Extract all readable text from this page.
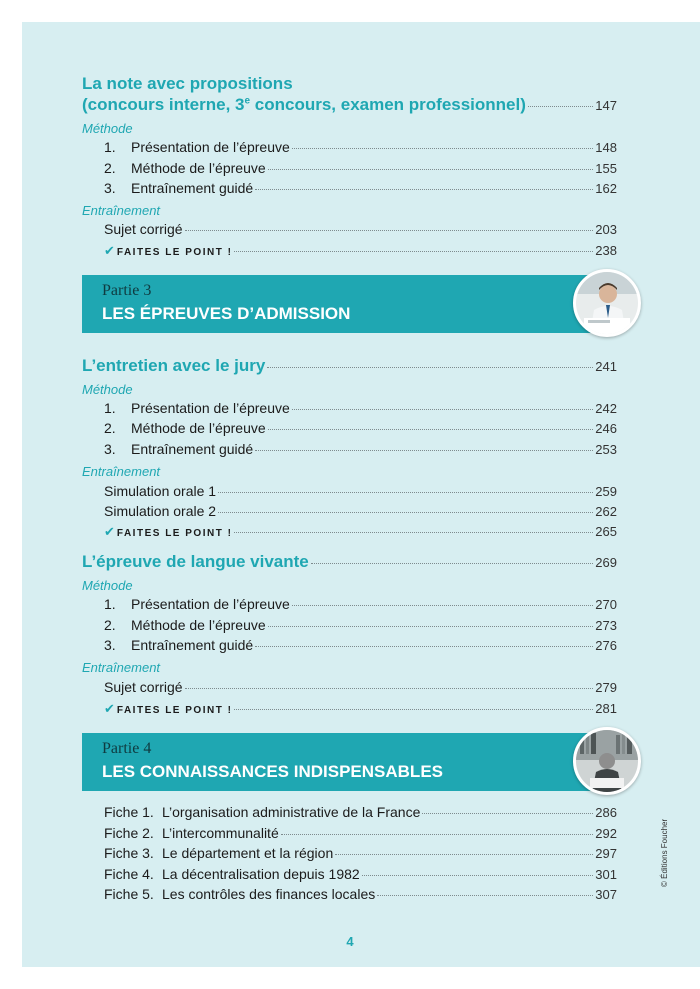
La note avec propositions
(concours interne, 3e concours, examen professionnel)	147
Méthode
1. Présentation de l’épreuve	148
2. Méthode de l’épreuve	155
3. Entraînement guidé	162
Entraînement
Sujet corrigé	203
✔ FAITES LE POINT !	238
Partie 3
LES ÉPREUVES D’ADMISSION
L’entretien avec le jury	241
Méthode
1. Présentation de l’épreuve	242
2. Méthode de l’épreuve	246
3. Entraînement guidé	253
Entraînement
Simulation orale 1	259
Simulation orale 2	262
✔ FAITES LE POINT !	265
L’épreuve de langue vivante	269
Méthode
1. Présentation de l’épreuve	270
2. Méthode de l’épreuve	273
3. Entraînement guidé	276
Entraînement
Sujet corrigé	279
✔ FAITES LE POINT !	281
Partie 4
LES CONNAISSANCES INDISPENSABLES
Fiche 1. L’organisation administrative de la France	286
Fiche 2. L’intercommunalité	292
Fiche 3. Le département et la région	297
Fiche 4. La décentralisation depuis 1982	301
Fiche 5. Les contrôles des finances locales	307
© Éditions Foucher
4
